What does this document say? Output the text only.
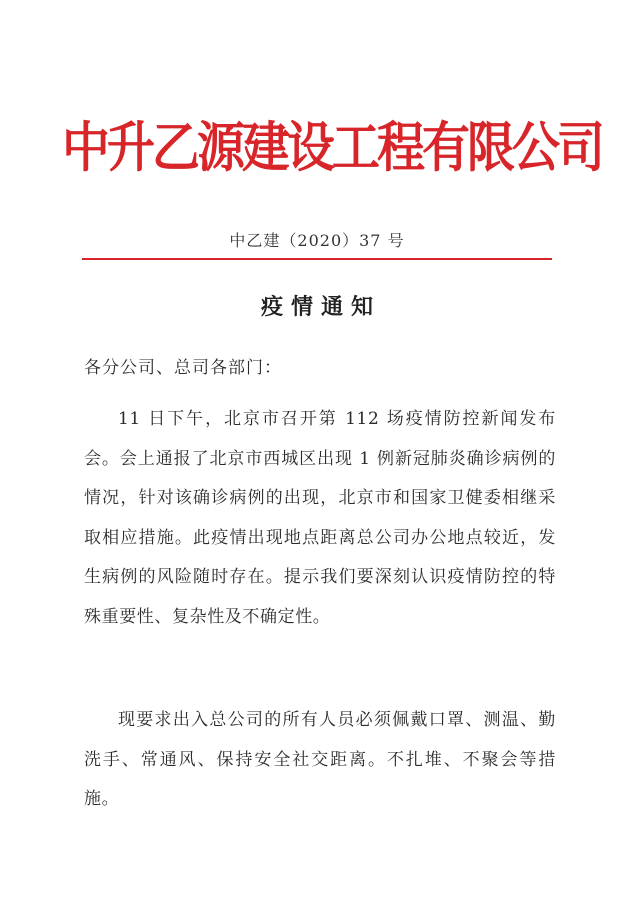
中升乙源建设工程有限公司
中乙建（2020）37 号
疫情通知
各分公司、总司各部门：

11 日下午，北京市召开第 112 场疫情防控新闻发布会。会上通报了北京市西城区出现 1 例新冠肺炎确诊病例的情况，针对该确诊病例的出现，北京市和国家卫健委相继采取相应措施。此疫情出现地点距离总公司办公地点较近，发生病例的风险随时存在。提示我们要深刻认识疫情防控的特殊重要性、复杂性及不确定性。

现要求出入总公司的所有人员必须佩戴口罩、测温、勤洗手、常通风、保持安全社交距离。不扎堆、不聚会等措施。
